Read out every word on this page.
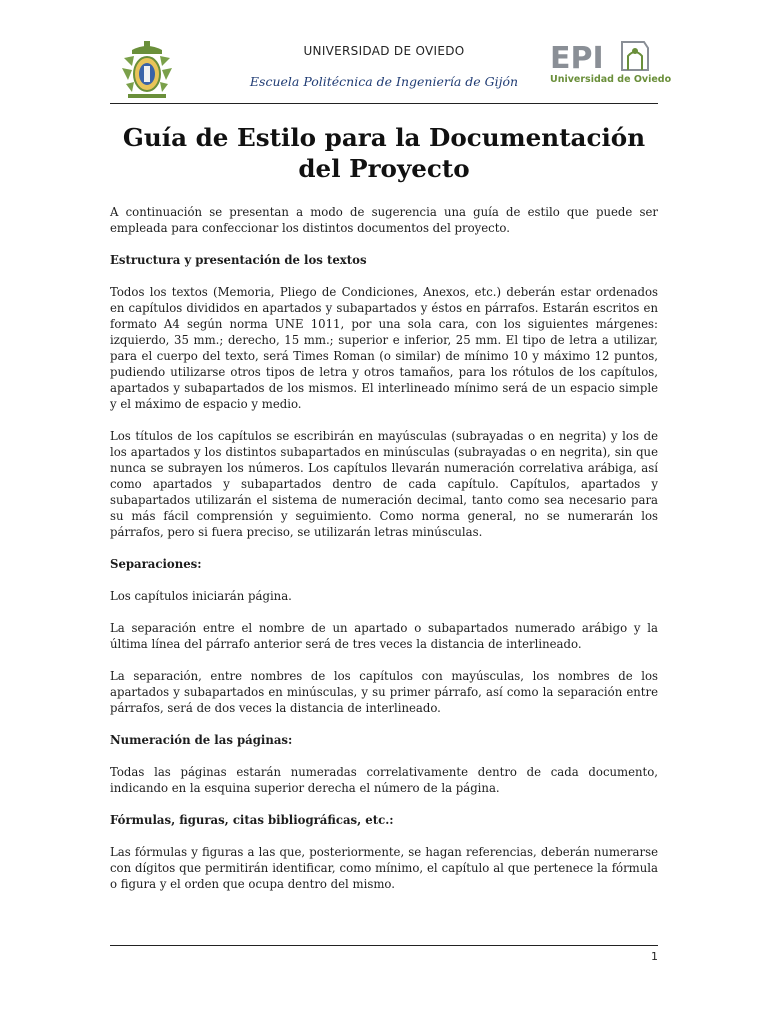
UNIVERSIDAD DE OVIEDO
Escuela Politécnica de Ingeniería de Gijón
EPI
Universidad de Oviedo
Guía de Estilo para la Documentación
del Proyecto

A continuación se presentan a modo de sugerencia una guía de estilo que puede ser empleada para confeccionar los distintos documentos del proyecto.

Estructura y presentación de los textos

Todos los textos (Memoria, Pliego de Condiciones, Anexos, etc.) deberán estar ordenados en capítulos divididos en apartados y subapartados y éstos en párrafos. Estarán escritos en formato A4 según norma UNE 1011, por una sola cara, con los siguientes márgenes: izquierdo, 35 mm.; derecho, 15 mm.; superior e inferior, 25 mm. El tipo de letra a utilizar, para el cuerpo del texto, será Times Roman (o similar) de mínimo 10 y máximo 12 puntos, pudiendo utilizarse otros tipos de letra y otros tamaños, para los rótulos de los capítulos, apartados y subapartados de los mismos. El interlineado mínimo será de un espacio simple y el máximo de espacio y medio.

Los títulos de los capítulos se escribirán en mayúsculas (subrayadas o en negrita) y los de los apartados y los distintos subapartados en minúsculas (subrayadas o en negrita), sin que nunca se subrayen los números. Los capítulos llevarán numeración correlativa arábiga, así como apartados y subapartados dentro de cada capítulo. Capítulos, apartados y subapartados utilizarán el sistema de numeración decimal, tanto como sea necesario para su más fácil comprensión y seguimiento. Como norma general, no se numerarán los párrafos, pero si fuera preciso, se utilizarán letras minúsculas.

Separaciones:

Los capítulos iniciarán página.

La separación entre el nombre de un apartado o subapartados numerado arábigo y la última línea del párrafo anterior será de tres veces la distancia de interlineado.

La separación, entre nombres de los capítulos con mayúsculas, los nombres de los apartados y subapartados en minúsculas, y su primer párrafo, así como la separación entre párrafos, será de dos veces la distancia de interlineado.

Numeración de las páginas:

Todas las páginas estarán numeradas correlativamente dentro de cada documento, indicando en la esquina superior derecha el número de la página.

Fórmulas, figuras, citas bibliográficas, etc.:

Las fórmulas y figuras a las que, posteriormente, se hagan referencias, deberán numerarse con dígitos que permitirán identificar, como mínimo, el capítulo al que pertenece la fórmula o figura y el orden que ocupa dentro del mismo.

1
